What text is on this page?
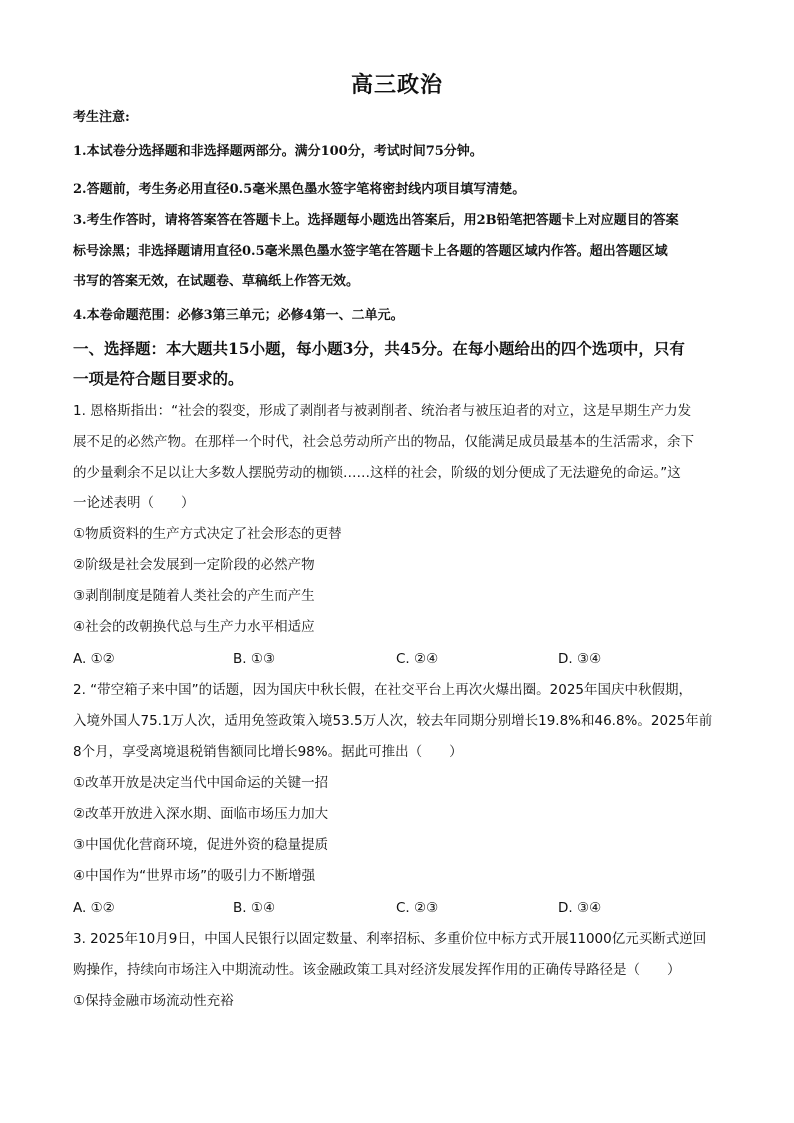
高三政治
考生注意:
1.本试卷分选择题和非选择题两部分。满分100分，考试时间75分钟。
2.答题前，考生务必用直径0.5毫米黑色墨水签字笔将密封线内项目填写清楚。
3.考生作答时，请将答案答在答题卡上。选择题每小题选出答案后，用2B铅笔把答题卡上对应题目的答案
标号涂黑；非选择题请用直径0.5毫米黑色墨水签字笔在答题卡上各题的答题区域内作答。超出答题区域
书写的答案无效，在试题卷、草稿纸上作答无效。
4.本卷命题范围：必修3第三单元；必修4第一、二单元。
一、选择题：本大题共15小题，每小题3分，共45分。在每小题给出的四个选项中，只有
一项是符合题目要求的。
1. 恩格斯指出：“社会的裂变，形成了剥削者与被剥削者、统治者与被压迫者的对立，这是早期生产力发
展不足的必然产物。在那样一个时代，社会总劳动所产出的物品，仅能满足成员最基本的生活需求，余下
的少量剩余不足以让大多数人摆脱劳动的枷锁……这样的社会，阶级的划分便成了无法避免的命运。”这
一论述表明（　　）
①物质资料的生产方式决定了社会形态的更替
②阶级是社会发展到一定阶段的必然产物
③剥削制度是随着人类社会的产生而产生
④社会的改朝换代总与生产力水平相适应
A. ①②	B. ①③	C. ②④	D. ③④
2. “带空箱子来中国”的话题，因为国庆中秋长假，在社交平台上再次火爆出圈。2025年国庆中秋假期，
入境外国人75.1万人次，适用免签政策入境53.5万人次，较去年同期分别增长19.8%和46.8%。2025年前
8个月，享受离境退税销售额同比增长98%。据此可推出（　　）
①改革开放是决定当代中国命运的关键一招
②改革开放进入深水期、面临市场压力加大
③中国优化营商环境，促进外资的稳量提质
④中国作为“世界市场”的吸引力不断增强
A. ①②	B. ①④	C. ②③	D. ③④
3. 2025年10月9日，中国人民银行以固定数量、利率招标、多重价位中标方式开展11000亿元买断式逆回
购操作，持续向市场注入中期流动性。该金融政策工具对经济发展发挥作用的正确传导路径是（　　）
①保持金融市场流动性充裕
